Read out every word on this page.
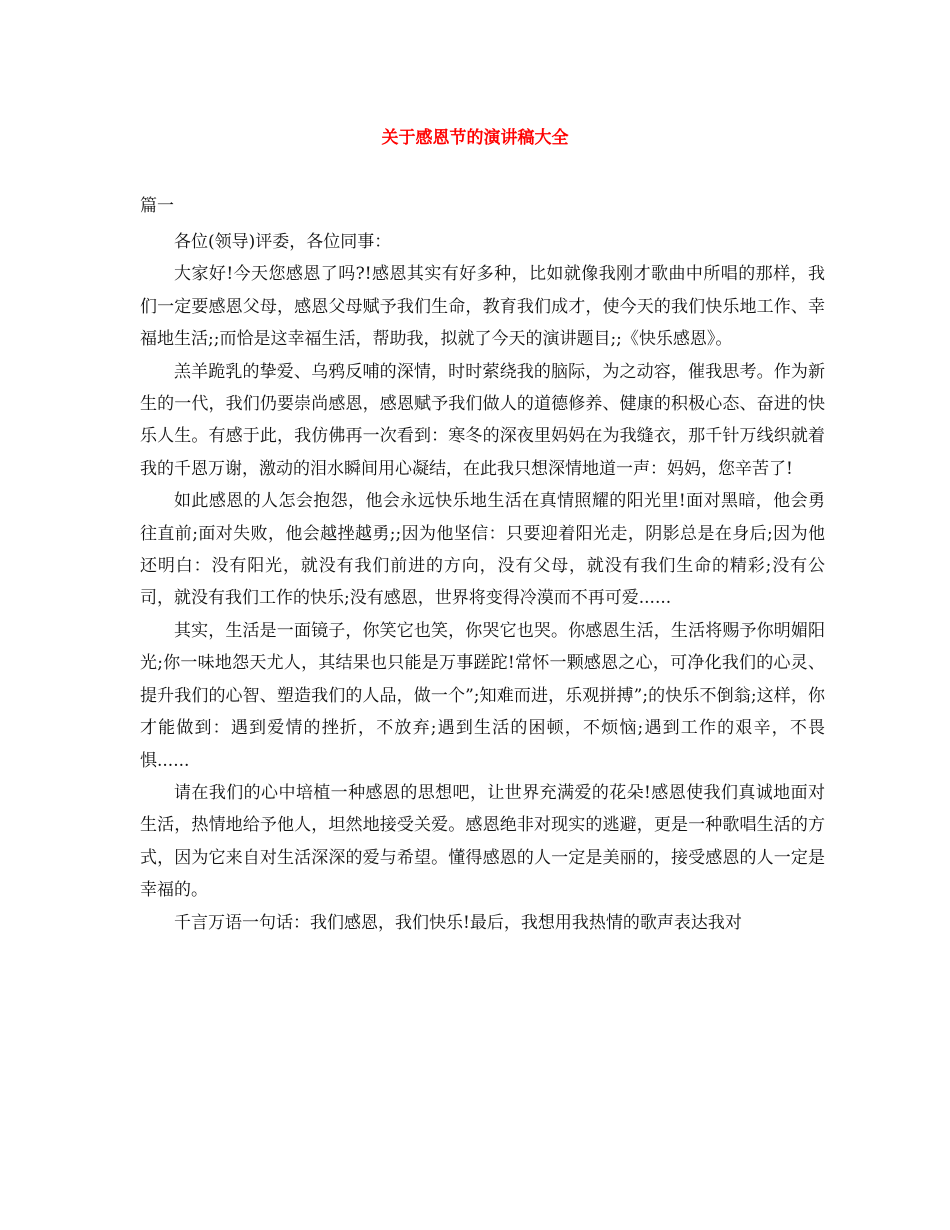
关于感恩节的演讲稿大全
篇一

各位(领导)评委，各位同事：

大家好!今天您感恩了吗?!感恩其实有好多种，比如就像我刚才歌曲中所唱的那样，我们一定要感恩父母，感恩父母赋予我们生命，教育我们成才，使今天的我们快乐地工作、幸福地生活;;而恰是这幸福生活，帮助我，拟就了今天的演讲题目;;《快乐感恩》。

羔羊跪乳的挚爱、乌鸦反哺的深情，时时萦绕我的脑际，为之动容，催我思考。作为新生的一代，我们仍要崇尚感恩，感恩赋予我们做人的道德修养、健康的积极心态、奋进的快乐人生。有感于此，我仿佛再一次看到：寒冬的深夜里妈妈在为我缝衣，那千针万线织就着我的千恩万谢，激动的泪水瞬间用心凝结，在此我只想深情地道一声：妈妈，您辛苦了!

如此感恩的人怎会抱怨，他会永远快乐地生活在真情照耀的阳光里!面对黑暗，他会勇往直前;面对失败，他会越挫越勇;;因为他坚信：只要迎着阳光走，阴影总是在身后;因为他还明白：没有阳光，就没有我们前进的方向，没有父母，就没有我们生命的精彩;没有公司，就没有我们工作的快乐;没有感恩，世界将变得冷漠而不再可爱......

其实，生活是一面镜子，你笑它也笑，你哭它也哭。你感恩生活，生活将赐予你明媚阳光;你一味地怨天尤人，其结果也只能是万事蹉跎!常怀一颗感恩之心，可净化我们的心灵、提升我们的心智、塑造我们的人品，做一个”;知难而进，乐观拼搏”;的快乐不倒翁;这样，你才能做到：遇到爱情的挫折，不放弃;遇到生活的困顿，不烦恼;遇到工作的艰辛，不畏惧......

请在我们的心中培植一种感恩的思想吧，让世界充满爱的花朵!感恩使我们真诚地面对生活，热情地给予他人，坦然地接受关爱。感恩绝非对现实的逃避，更是一种歌唱生活的方式，因为它来自对生活深深的爱与希望。懂得感恩的人一定是美丽的，接受感恩的人一定是幸福的。

千言万语一句话：我们感恩，我们快乐!最后，我想用我热情的歌声表达我对
